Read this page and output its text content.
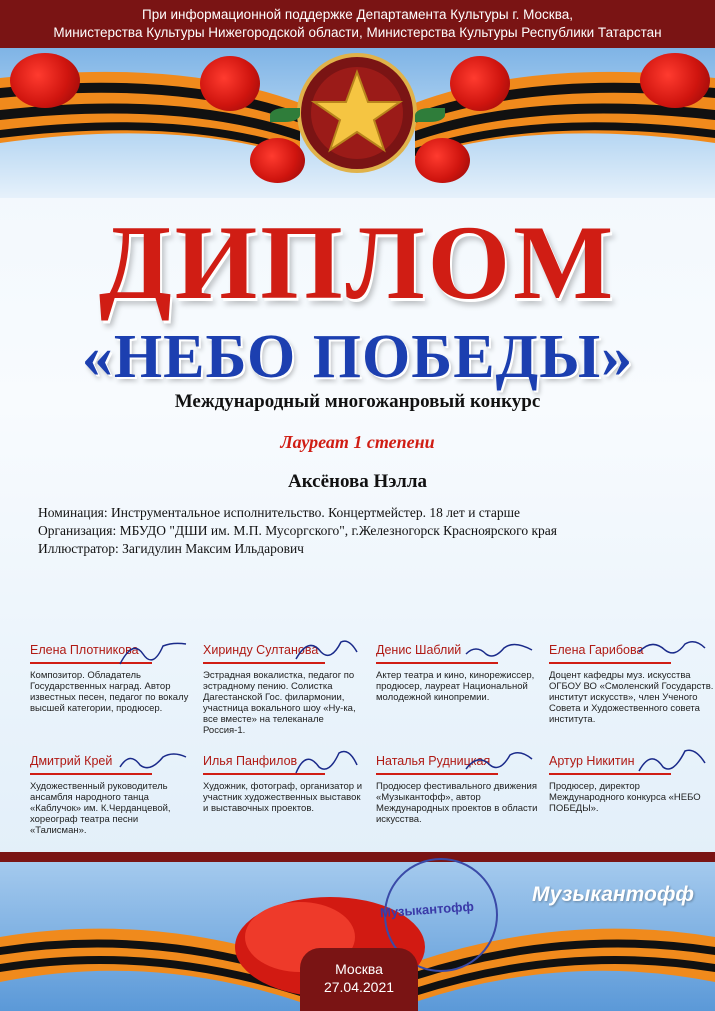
При информационной поддержке Департамента Культуры г. Москва,
Министерства Культуры Нижегородской области, Министерства Культуры Республики Татарстан
ДИПЛОМ
«НЕБО ПОБЕДЫ»
Международный многожанровый конкурс
Лауреат 1 степени
Аксёнова Нэлла
Номинация: Инструментальное исполнительство. Концертмейстер. 18 лет и старше
Организация: МБУДО "ДШИ им. М.П. Мусоргского", г.Железногорск Красноярского края
Иллюстратор: Загидулин Максим Ильдарович
Елена Плотникова
Композитор. Обладатель Государственных наград. Автор известных песен, педагог по вокалу высшей категории, продюсер.
Хиринду Султанова
Эстрадная вокалистка, педагог по эстрадному пению. Солистка Дагестанской Гос. филармонии, участница вокального шоу «Ну-ка, все вместе» на телеканале Россия-1.
Денис Шаблий
Актер театра и кино, кинорежиссер, продюсер, лауреат Национальной молодежной кинопремии.
Елена Гарибова
Доцент кафедры муз. искусства ОГБОУ ВО «Смоленский Государств. институт искусств», член Ученого Совета и Художественного совета института.
Дмитрий Крей
Художественный руководитель ансамбля народного танца «Каблучок» им. К.Черданцевой, хореограф театра песни «Талисман».
Илья Панфилов
Художник, фотограф, организатор и участник художественных выставок и выставочных проектов.
Наталья Рудницкая
Продюсер фестивального движения «Музыкантофф», автор Международных проектов в области искусства.
Артур Никитин
Продюсер, директор Международного конкурса «НЕБО ПОБЕДЫ».
Музыкантофф
Музыкантофф
Москва
27.04.2021
